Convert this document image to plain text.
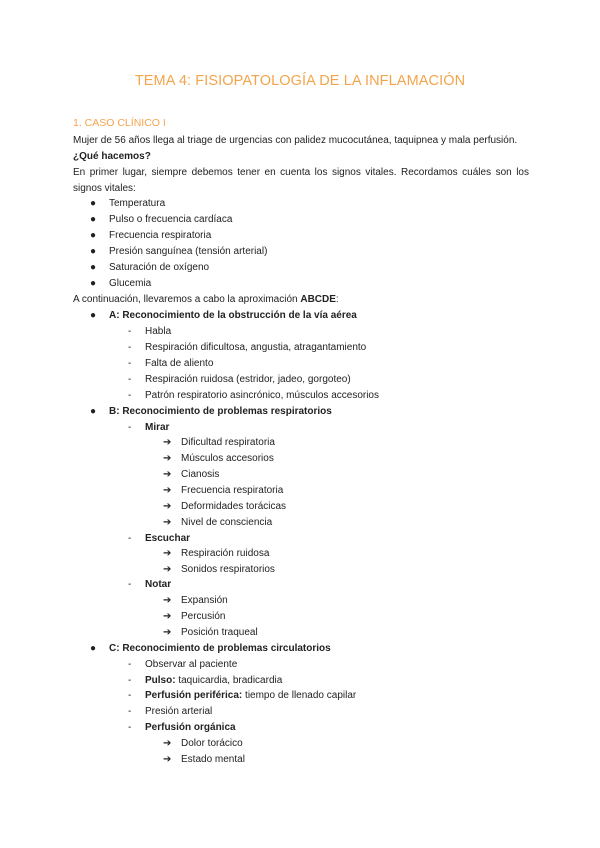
TEMA 4: FISIOPATOLOGÍA DE LA INFLAMACIÓN
1. CASO CLÍNICO I
Mujer de 56 años llega al triage de urgencias con palidez mucocutánea, taquipnea y mala perfusión.
¿Qué hacemos?
En primer lugar, siempre debemos tener en cuenta los signos vitales. Recordamos cuáles son los
signos vitales:
● Temperatura
● Pulso o frecuencia cardíaca
● Frecuencia respiratoria
● Presión sanguínea (tensión arterial)
● Saturación de oxígeno
● Glucemia
A continuación, llevaremos a cabo la aproximación ABCDE:
● A: Reconocimiento de la obstrucción de la vía aérea
- Habla
- Respiración dificultosa, angustia, atragantamiento
- Falta de aliento
- Respiración ruidosa (estridor, jadeo, gorgoteo)
- Patrón respiratorio asincrónico, músculos accesorios
● B: Reconocimiento de problemas respiratorios
- Mirar
➔ Dificultad respiratoria
➔ Músculos accesorios
➔ Cianosis
➔ Frecuencia respiratoria
➔ Deformidades torácicas
➔ Nivel de consciencia
- Escuchar
➔ Respiración ruidosa
➔ Sonidos respiratorios
- Notar
➔ Expansión
➔ Percusión
➔ Posición traqueal
● C: Reconocimiento de problemas circulatorios
- Observar al paciente
- Pulso: taquicardia, bradicardia
- Perfusión periférica: tiempo de llenado capilar
- Presión arterial
- Perfusión orgánica
➔ Dolor torácico
➔ Estado mental
